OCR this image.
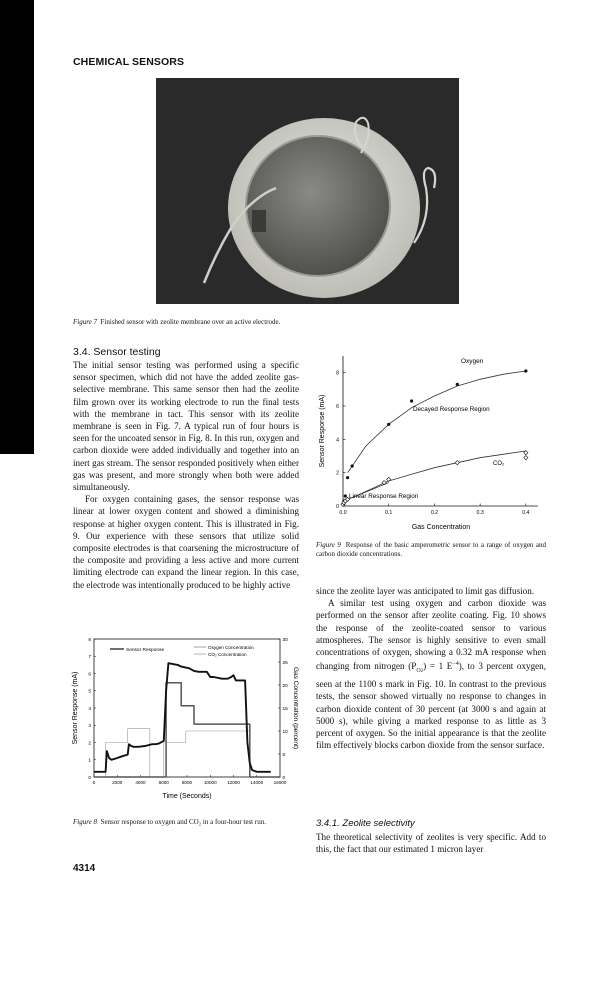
CHEMICAL SENSORS
Figure 7 Finished sensor with zeolite membrane over an active electrode.
3.4. Sensor testing

The initial sensor testing was performed using a specific sensor specimen, which did not have the added zeolite gas-selective membrane. This same sensor then had the zeolite film grown over its working electrode to run the final tests with the membrane in tact. This sensor with its zeolite membrane is seen in Fig. 7. A typical run of four hours is seen for the uncoated sensor in Fig. 8. In this run, oxygen and carbon dioxide were added individually and together into an inert gas stream. The sensor responded positively when either gas was present, and more strongly when both were added simultaneously.

For oxygen containing gases, the sensor response was linear at lower oxygen content and showed a diminishing response at higher oxygen content. This is illustrated in Fig. 9. Our experience with these sensors that utilize solid composite electrodes is that coarsening the microstructure of the composite and providing a less active and more current limiting electrode can expand the linear region. In this case, the electrode was intentionally produced to be highly active

0.0	0.1	0.2	0.3	0.4
0
2
4
6
8
Oxygen
Decayed Response Region
CO₂
Linear Response Region
Gas Concentration
Sensor Response (mA)
Figure 9 Response of the basic amperometric sensor to a range of oxygen and carbon dioxide concentrations.

since the zeolite layer was anticipated to limit gas diffusion.

A similar test using oxygen and carbon dioxide was performed on the sensor after zeolite coating. Fig. 10 shows the response of the zeolite-coated sensor to various atmospheres. The sensor is highly sensitive to even small concentrations of oxygen, showing a 0.32 mA response when changing from nitrogen $(P_{O2}) = 1$ $E^{-4}$), to 3 percent oxygen, seen at the 1100 s mark in Fig. 10. In contrast to the previous tests, the sensor showed virtually no response to changes in carbon dioxide content of 30 percent (at 3000 s and again at 5000 s), while giving a marked response to as little as 3 percent of oxygen. So the initial appearance is that the zeolite film effectively blocks carbon dioxide from the sensor surface.

0	2000	4000	6000	8000	10000 12000 14000 16000
0
1
2
3
4
5
6
7
8
0
5
10
15
20
25
30
Sensor Response
Oxygen Concentration
CO₂ Concentration
Time (Seconds)
Sensor Response (mA)	Gas Concentration (percent)
Figure 8 Sensor response to oxygen and CO₂ in a four-hour test run.	3.4.1. Zeolite selectivity

The theoretical selectivity of zeolites is very specific. Add to this, the fact that our estimated 1 micron layer

4314
